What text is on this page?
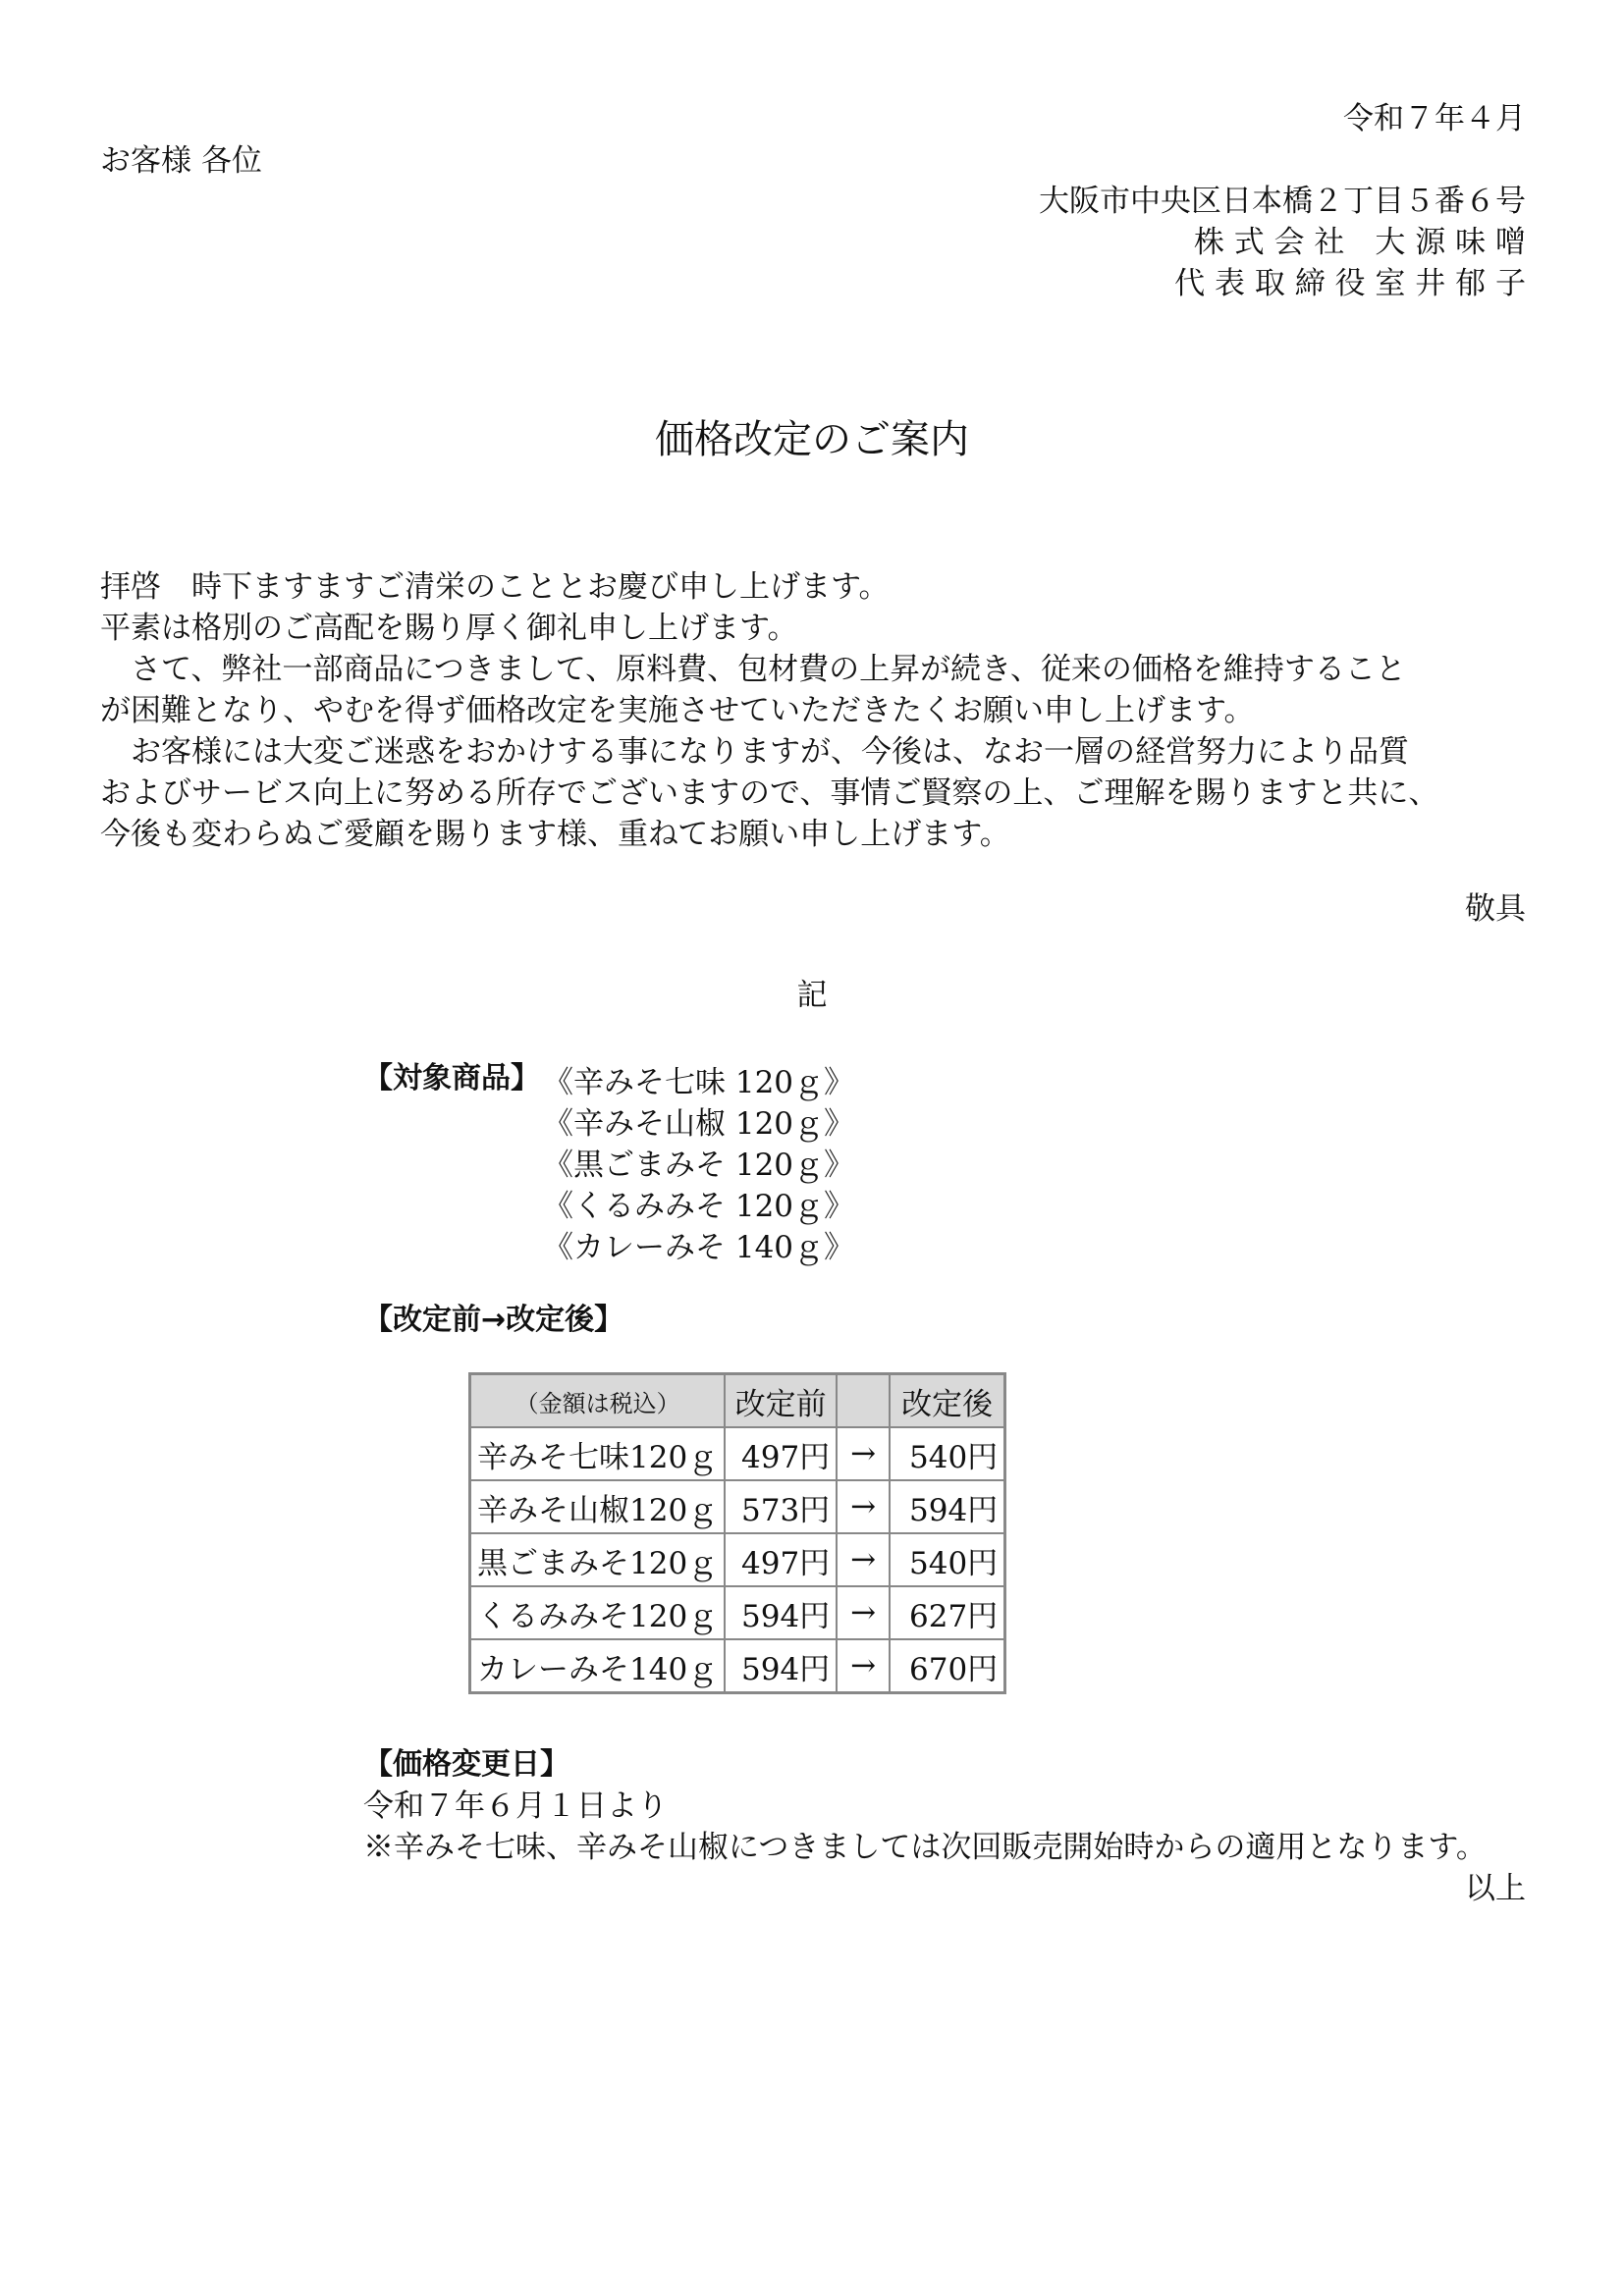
令和７年４月
お客様 各位
大阪市中央区日本橋２丁目５番６号
株 式 会 社　大 源 味 噌
代 表 取 締 役 室 井 郁 子
価格改定のご案内

拝啓　時下ますますご清栄のこととお慶び申し上げます。

平素は格別のご高配を賜り厚く御礼申し上げます。

　さて、弊社一部商品につきまして、原料費、包材費の上昇が続き、従来の価格を維持すること

が困難となり、やむを得ず価格改定を実施させていただきたくお願い申し上げます。

　お客様には大変ご迷惑をおかけする事になりますが、今後は、なお一層の経営努力により品質

およびサービス向上に努める所存でございますので、事情ご賢察の上、ご理解を賜りますと共に、

今後も変わらぬご愛顧を賜ります様、重ねてお願い申し上げます。

敬具
記
【対象商品】 《辛みそ七味 120ｇ》
《辛みそ山椒 120ｇ》
《黒ごまみそ 120ｇ》
《くるみみそ 120ｇ》
《カレーみそ 140ｇ》
【改定前→改定後】
（金額は税込）	改定前		改定後
辛みそ七味120ｇ	497円	→	540円
辛みそ山椒120ｇ	573円	→	594円
黒ごまみそ120ｇ	497円	→	540円
くるみみそ120ｇ	594円	→	627円
カレーみそ140ｇ	594円	→	670円
【価格変更日】
令和７年６月１日より
※辛みそ七味、辛みそ山椒につきましては次回販売開始時からの適用となります。
以上
